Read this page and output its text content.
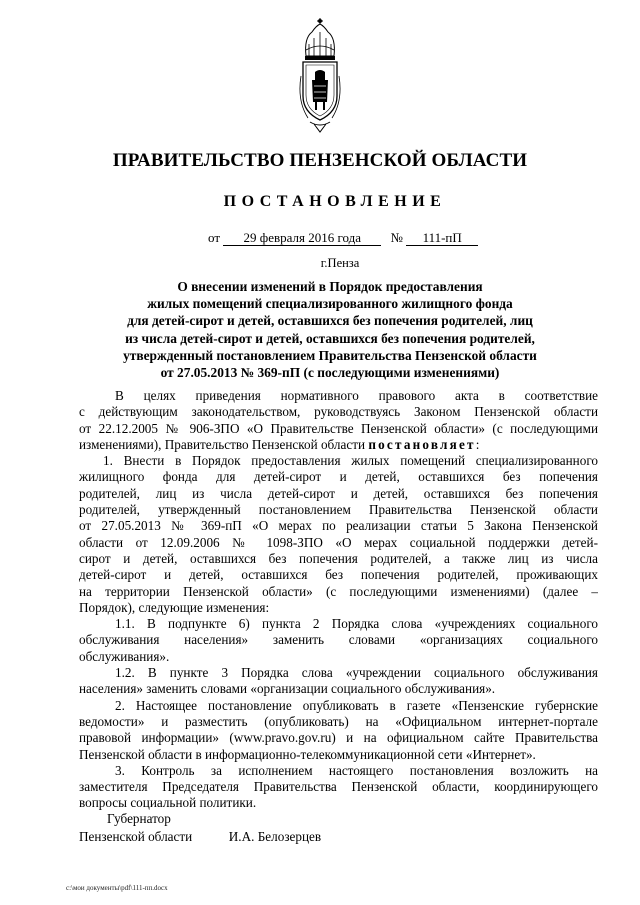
ПРАВИТЕЛЬСТВО ПЕНЗЕНСКОЙ ОБЛАСТИ
ПОСТАНОВЛЕНИЕ
от 29 февраля 2016 года № 111-пП
г.Пенза
О внесении изменений в Порядок предоставления
жилых помещений специализированного жилищного фонда
для детей-сирот и детей, оставшихся без попечения родителей, лиц
из числа детей-сирот и детей, оставшихся без попечения родителей,
утвержденный постановлением Правительства Пензенской области
от 27.05.2013 № 369-пП (с последующими изменениями)
В целях приведения нормативного правового акта в соответствие
с действующим законодательством, руководствуясь Законом Пензенской области
от 22.12.2005 № 906-ЗПО «О Правительстве Пензенской области» (с последующими
изменениями), Правительство Пензенской области постановляет:
1. Внести в Порядок предоставления жилых помещений специализированного
жилищного фонда для детей-сирот и детей, оставшихся без попечения
родителей, лиц из числа детей-сирот и детей, оставшихся без попечения
родителей, утвержденный постановлением Правительства Пензенской области
от 27.05.2013 № 369-пП «О мерах по реализации статьи 5 Закона Пензенской
области от 12.09.2006 № 1098-ЗПО «О мерах социальной поддержки детей-
сирот и детей, оставшихся без попечения родителей, а также лиц из числа
детей-сирот и детей, оставшихся без попечения родителей, проживающих
на территории Пензенской области» (с последующими изменениями) (далее –
Порядок), следующие изменения:
1.1. В подпункте 6) пункта 2 Порядка слова «учреждениях социального
обслуживания населения» заменить словами «организациях социального
обслуживания».
1.2. В пункте 3 Порядка слова «учреждении социального обслуживания
населения» заменить словами «организации социального обслуживания».
2. Настоящее постановление опубликовать в газете «Пензенские губернские
ведомости» и разместить (опубликовать) на «Официальном интернет-портале
правовой информации» (www.pravo.gov.ru) и на официальном сайте Правительства
Пензенской области в информационно-телекоммуникационной сети «Интернет».
3. Контроль за исполнением настоящего постановления возложить на
заместителя Председателя Правительства Пензенской области, координирующего
вопросы социальной политики.
Губернатор
Пензенской области	И.А. Белозерцев
c:\мои документы\pdf\111-пп.docx
